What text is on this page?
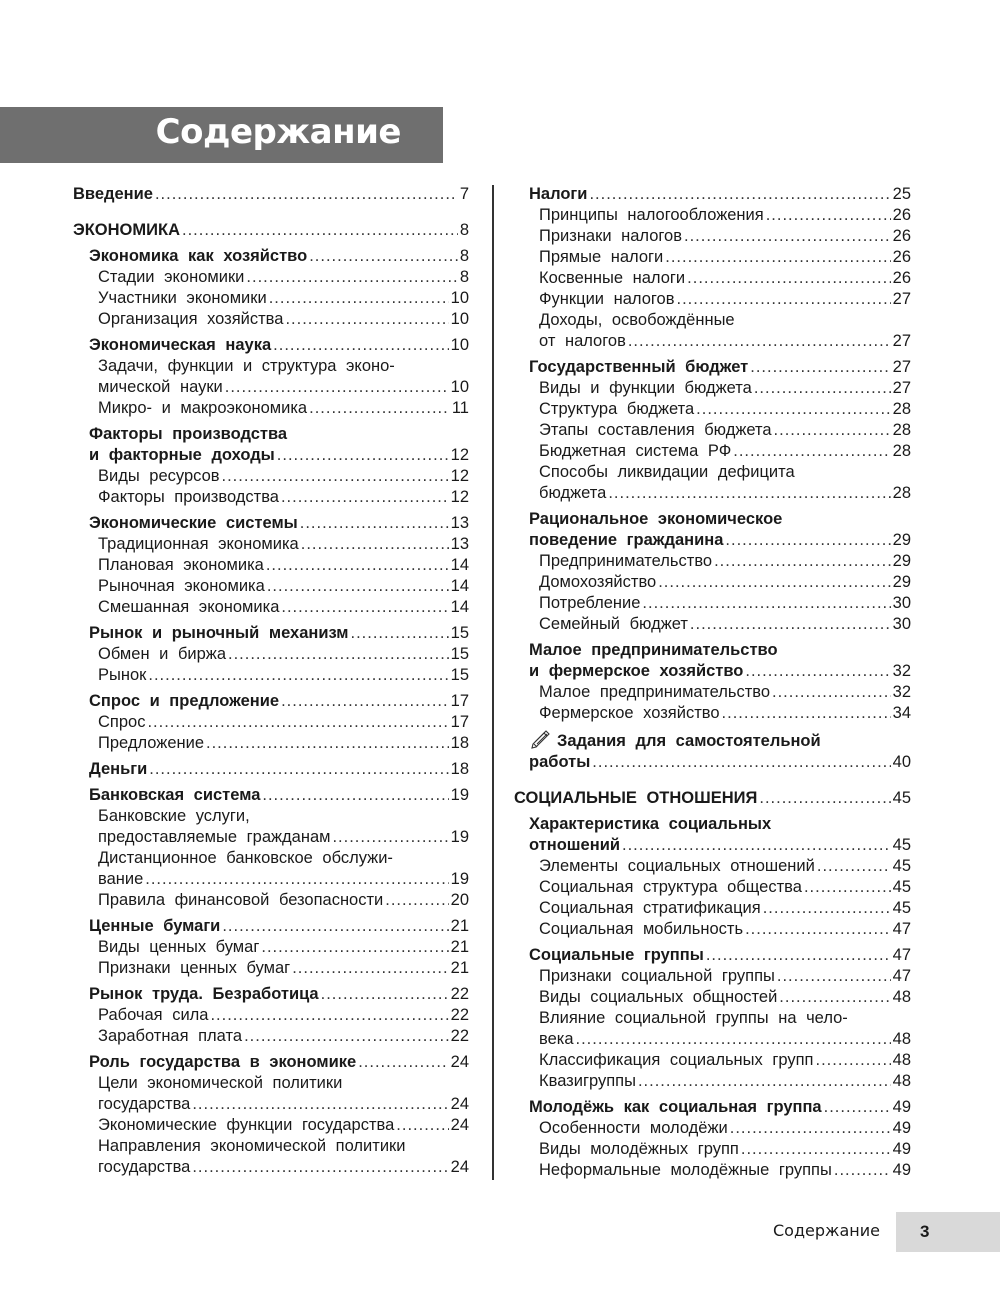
Содержание
Введение .....	7
ЭКОНОМИКА .....	8
Экономика как хозяйство .....	8
Стадии экономики .....	8
Участники экономики .....	10
Организация хозяйства .....	10
Экономическая наука .....	10
Задачи, функции и структура эконо-
мической науки .....	10
Микро- и макроэкономика .....	11
Факторы производства
и факторные доходы .....	12
Виды ресурсов .....	12
Факторы производства .....	12
Экономические системы .....	13
Традиционная экономика .....	13
Плановая экономика .....	14
Рыночная экономика .....	14
Смешанная экономика .....	14
Рынок и рыночный механизм .....	15
Обмен и биржа .....	15
Рынок .....	15
Спрос и предложение .....	17
Спрос .....	17
Предложение .....	18
Деньги .....	18
Банковская система .....	19
Банковские услуги,
предоставляемые гражданам .....	19
Дистанционное банковское обслужи-
вание .....	19
Правила финансовой безопасности .....	20
Ценные бумаги .....	21
Виды ценных бумаг .....	21
Признаки ценных бумаг .....	21
Рынок труда. Безработица .....	22
Рабочая сила .....	22
Заработная плата .....	22
Роль государства в экономике .....	24
Цели экономической политики
государства .....	24
Экономические функции государства .....	24
Направления экономической политики
государства .....	24
Налоги .....	25
Принципы налогообложения .....	26
Признаки налогов .....	26
Прямые налоги .....	26
Косвенные налоги .....	26
Функции налогов .....	27
Доходы, освобождённые
от налогов .....	27
Государственный бюджет .....	27
Виды и функции бюджета .....	27
Структура бюджета .....	28
Этапы составления бюджета .....	28
Бюджетная система РФ .....	28
Способы ликвидации дефицита
бюджета .....	28
Рациональное экономическое
поведение гражданина .....	29
Предпринимательство .....	29
Домохозяйство .....	29
Потребление .....	30
Семейный бюджет .....	30
Малое предпринимательство
и фермерское хозяйство .....	32
Малое предпринимательство .....	32
Фермерское хозяйство .....	34
Задания для самостоятельной
работы .....	40
СОЦИАЛЬНЫЕ ОТНОШЕНИЯ .....	45
Характеристика социальных
отношений .....	45
Элементы социальных отношений .....	45
Социальная структура общества .....	45
Социальная стратификация .....	45
Социальная мобильность .....	47
Социальные группы .....	47
Признаки социальной группы .....	47
Виды социальных общностей .....	48
Влияние социальной группы на чело-
века .....	48
Классификация социальных групп .....	48
Квазигруппы .....	48
Молодёжь как социальная группа .....	49
Особенности молодёжи .....	49
Виды молодёжных групп .....	49
Неформальные молодёжные группы .....	49
Содержание 3
